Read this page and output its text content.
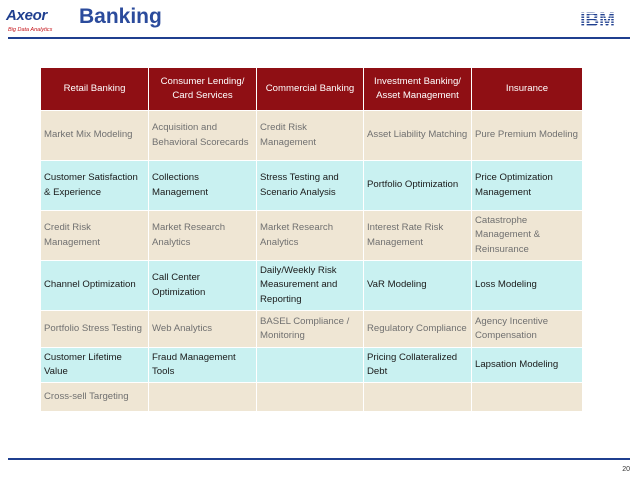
Axeor
Big Data Analytics
Banking	IBM
Retail Banking	Consumer Lending/ Card Services	Commercial Banking	Investment Banking/ Asset Management	Insurance
Market Mix Modeling	Acquisition and Behavioral Scorecards	Credit Risk Management	Asset Liability Matching	Pure Premium Modeling
Customer Satisfaction & Experience	Collections Management	Stress Testing and Scenario Analysis	Portfolio Optimization	Price Optimization Management
Credit Risk Management	Market Research Analytics	Market Research Analytics	Interest Rate Risk Management	Catastrophe Management & Reinsurance
Channel Optimization	Call Center Optimization	Daily/Weekly Risk Measurement and Reporting	VaR Modeling	Loss Modeling
Portfolio Stress Testing	Web Analytics	BASEL Compliance / Monitoring	Regulatory Compliance	Agency Incentive Compensation
Customer Lifetime Value	Fraud Management Tools		Pricing Collateralized Debt	Lapsation Modeling
Cross-sell Targeting				
20
